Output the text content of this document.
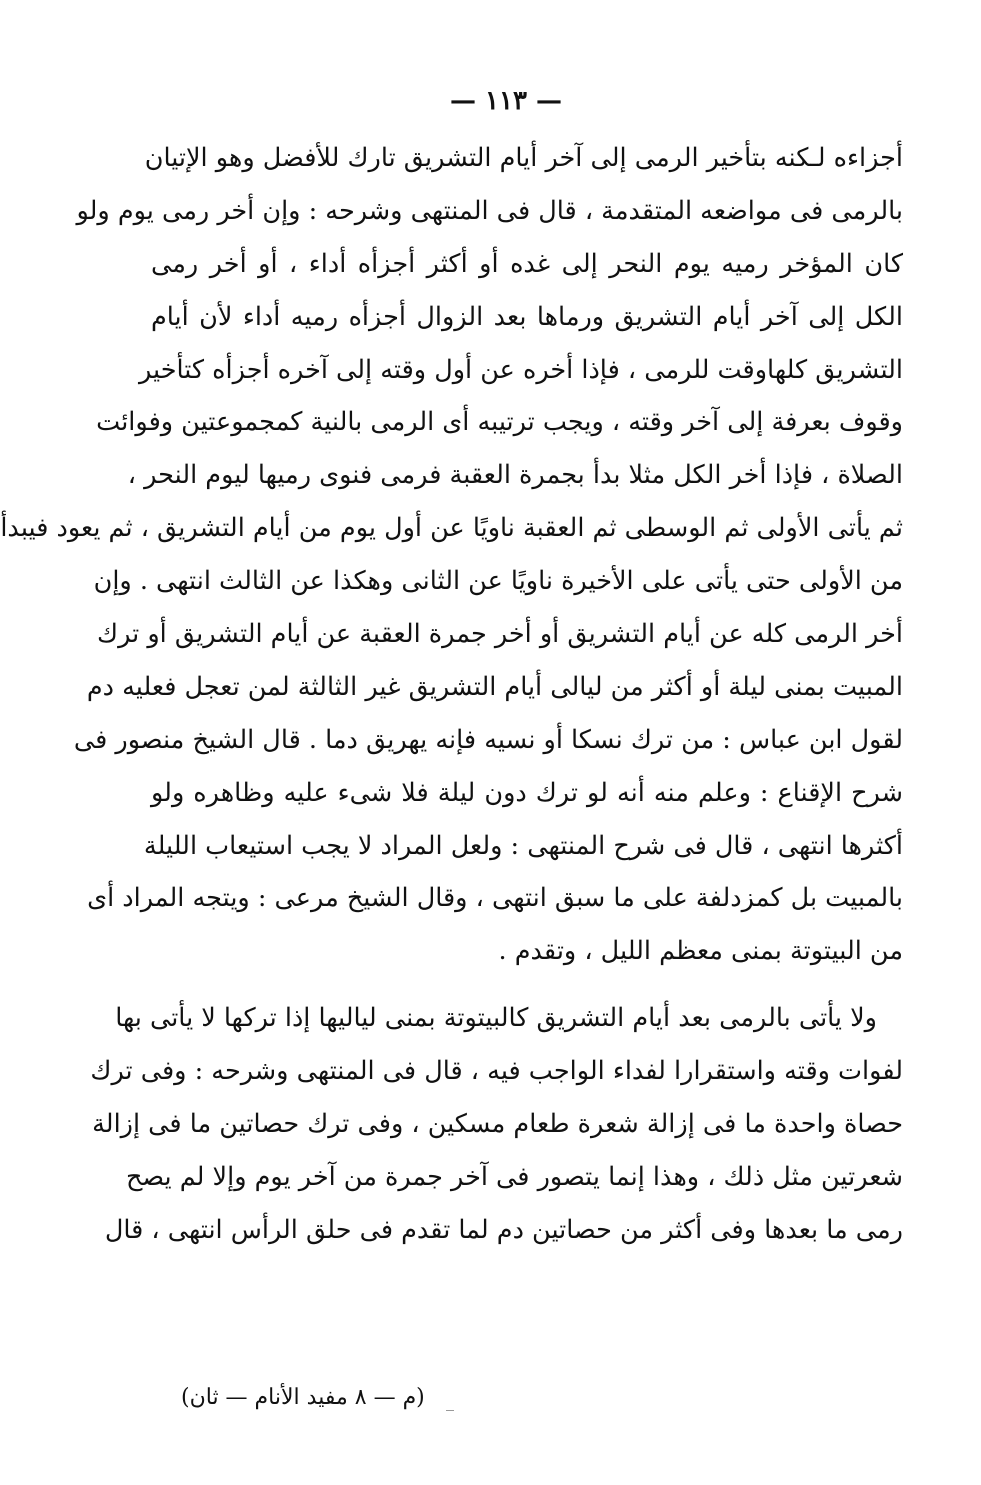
— ١١٣ —
أجزاءه لـكنه بتأخير الرمى إلى آخر أيام التشريق تارك للأفضل وهو الإتيان
بالرمى فى مواضعه المتقدمة ، قال فى المنتهى وشرحه : وإن أخر رمى يوم ولو
كان المؤخر رميه يوم النحر إلى غده أو أكثر أجزأه أداء ، أو أخر رمى
الكل إلى آخر أيام التشريق ورماها بعد الزوال أجزأه رميه أداء لأن أيام
التشريق كلهاوقت للرمى ، فإذا أخره عن أول وقته إلى آخره أجزأه كتأخير
وقوف بعرفة إلى آخر وقته ، ويجب ترتيبه أى الرمى بالنية كمجموعتين وفوائت
الصلاة ، فإذا أخر الكل مثلا بدأ بجمرة العقبة فرمى فنوى رميها ليوم النحر ،
ثم يأتى الأولى ثم الوسطى ثم العقبة ناويًا عن أول يوم من أيام التشريق ، ثم يعود فيبدأ
من الأولى حتى يأتى على الأخيرة ناويًا عن الثانى وهكذا عن الثالث انتهى . وإن
أخر الرمى كله عن أيام التشريق أو أخر جمرة العقبة عن أيام التشريق أو ترك
المبيت بمنى ليلة أو أكثر من ليالى أيام التشريق غير الثالثة لمن تعجل فعليه دم
لقول ابن عباس : من ترك نسكا أو نسيه فإنه يهريق دما . قال الشيخ منصور فى
شرح الإقناع : وعلم منه أنه لو ترك دون ليلة فلا شىء عليه وظاهره ولو
أكثرها انتهى ، قال فى شرح المنتهى : ولعل المراد لا يجب استيعاب الليلة
بالمبيت بل كمزدلفة على ما سبق انتهى ، وقال الشيخ مرعى : ويتجه المراد أى
من البيتوتة بمنى معظم الليل ، وتقدم .
ولا يأتى بالرمى بعد أيام التشريق كالبيتوتة بمنى لياليها إذا تركها لا يأتى بها
لفوات وقته واستقرارا لفداء الواجب فيه ، قال فى المنتهى وشرحه : وفى ترك
حصاة واحدة ما فى إزالة شعرة طعام مسكين ، وفى ترك حصاتين ما فى إزالة
شعرتين مثل ذلك ، وهذا إنما يتصور فى آخر جمرة من آخر يوم وإلا لم يصح
رمى ما بعدها وفى أكثر من حصاتين دم لما تقدم فى حلق الرأس انتهى ، قال
(م — ٨ مفيد الأنام — ثان)
